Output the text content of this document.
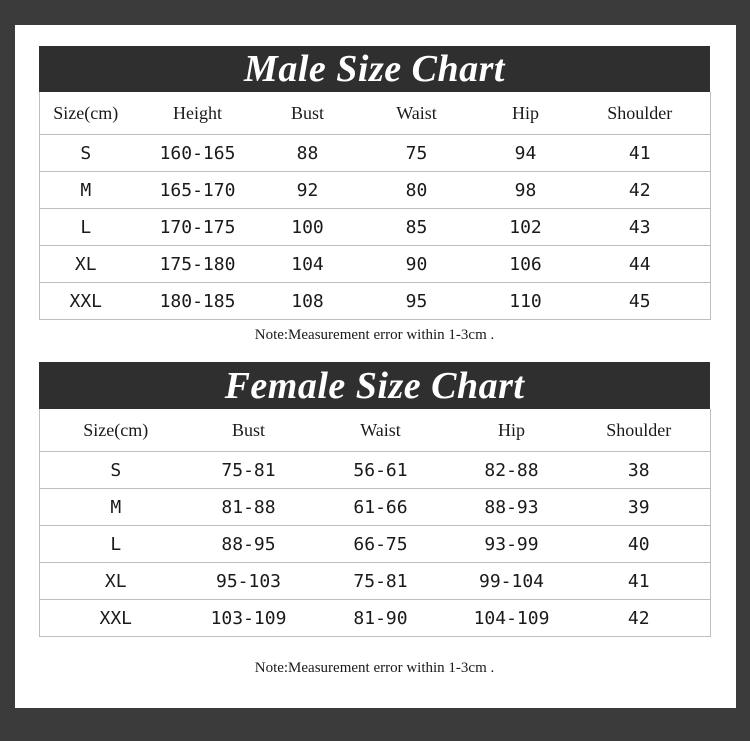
Male Size Chart
Size(cm)	Height	Bust	Waist	Hip	Shoulder
S	160-165	88	75	94	41
M	165-170	92	80	98	42
L	170-175	100	85	102	43
XL	175-180	104	90	106	44
XXL	180-185	108	95	110	45
Note:Measurement error within 1-3cm .
Female Size Chart
Size(cm)	Bust	Waist	Hip	Shoulder
S	75-81	56-61	82-88	38
M	81-88	61-66	88-93	39
L	88-95	66-75	93-99	40
XL	95-103	75-81	99-104	41
XXL	103-109	81-90	104-109	42
Note:Measurement error within 1-3cm .
